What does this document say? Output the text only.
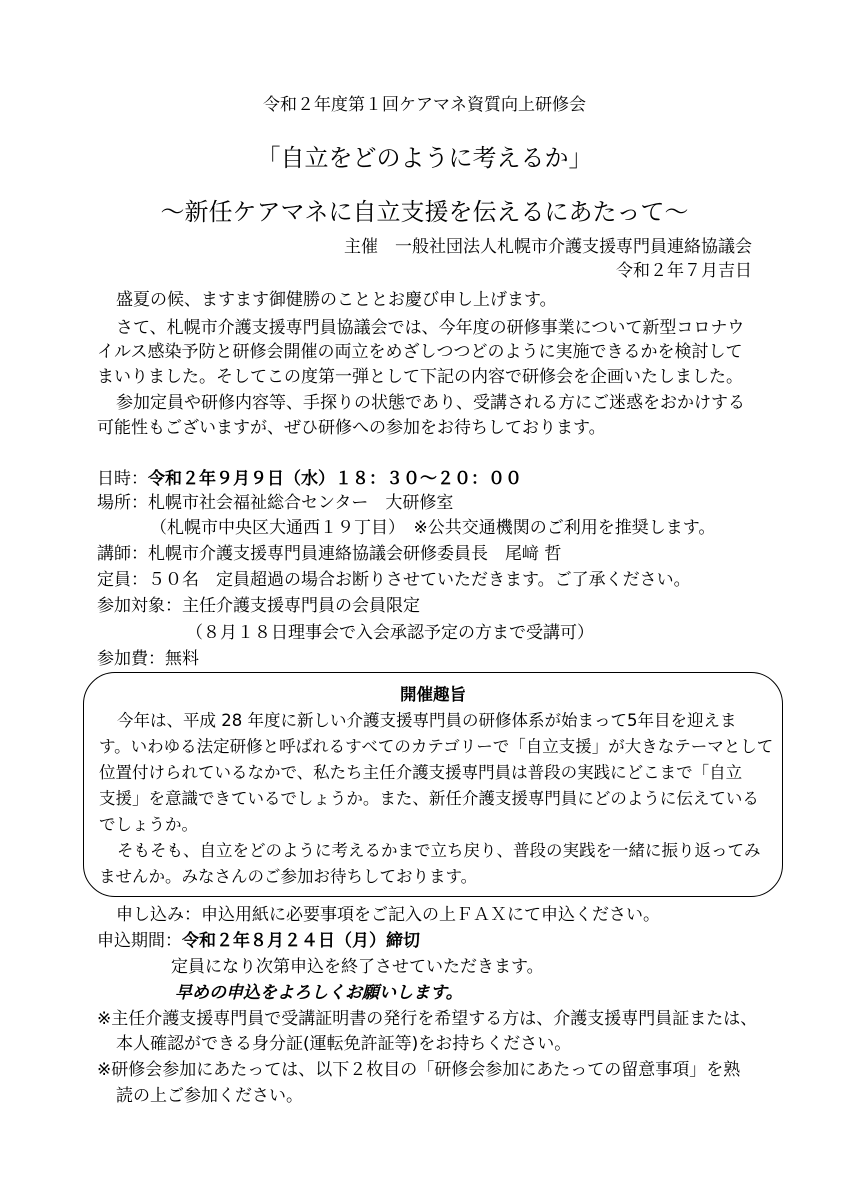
令和２年度第１回ケアマネ資質向上研修会
「自立をどのように考えるか」
～新任ケアマネに自立支援を伝えるにあたって～
主催　一般社団法人札幌市介護支援専門員連絡協議会
令和２年７月吉日
盛夏の候、ますます御健勝のこととお慶び申し上げます。
さて、札幌市介護支援専門員協議会では、今年度の研修事業について新型コロナウ
イルス感染予防と研修会開催の両立をめざしつつどのように実施できるかを検討して
まいりました。そしてこの度第一弾として下記の内容で研修会を企画いたしました。
参加定員や研修内容等、手探りの状態であり、受講される方にご迷惑をおかけする
可能性もございますが、ぜひ研修への参加をお待ちしております。
日時：令和２年９月９日（水）１８：３０～２０：００
場所：札幌市社会福祉総合センター　大研修室
（札幌市中央区大通西１９丁目）　※公共交通機関のご利用を推奨します。
講師：札幌市介護支援専門員連絡協議会研修委員長　尾﨑 哲
定員：５０名　定員超過の場合お断りさせていただきます。ご了承ください。
参加対象：主任介護支援専門員の会員限定
（８月１８日理事会で入会承認予定の方まで受講可）
参加費：無料
開催趣旨
今年は、平成 28 年度に新しい介護支援専門員の研修体系が始まって5年目を迎えま
す。いわゆる法定研修と呼ばれるすべてのカテゴリーで「自立支援」が大きなテーマとして
位置付けられているなかで、私たち主任介護支援専門員は普段の実践にどこまで「自立
支援」を意識できているでしょうか。また、新任介護支援専門員にどのように伝えている
でしょうか。
そもそも、自立をどのように考えるかまで立ち戻り、普段の実践を一緒に振り返ってみ
ませんか。みなさんのご参加お待ちしております。
申し込み：申込用紙に必要事項をご記入の上ＦＡＸにて申込ください。
申込期間：令和２年８月２４日（月）締切
定員になり次第申込を終了させていただきます。
早めの申込をよろしくお願いします。
※主任介護支援専門員で受講証明書の発行を希望する方は、介護支援専門員証または、
本人確認ができる身分証(運転免許証等)をお持ちください。
※研修会参加にあたっては、以下２枚目の「研修会参加にあたっての留意事項」を熟
読の上ご参加ください。
